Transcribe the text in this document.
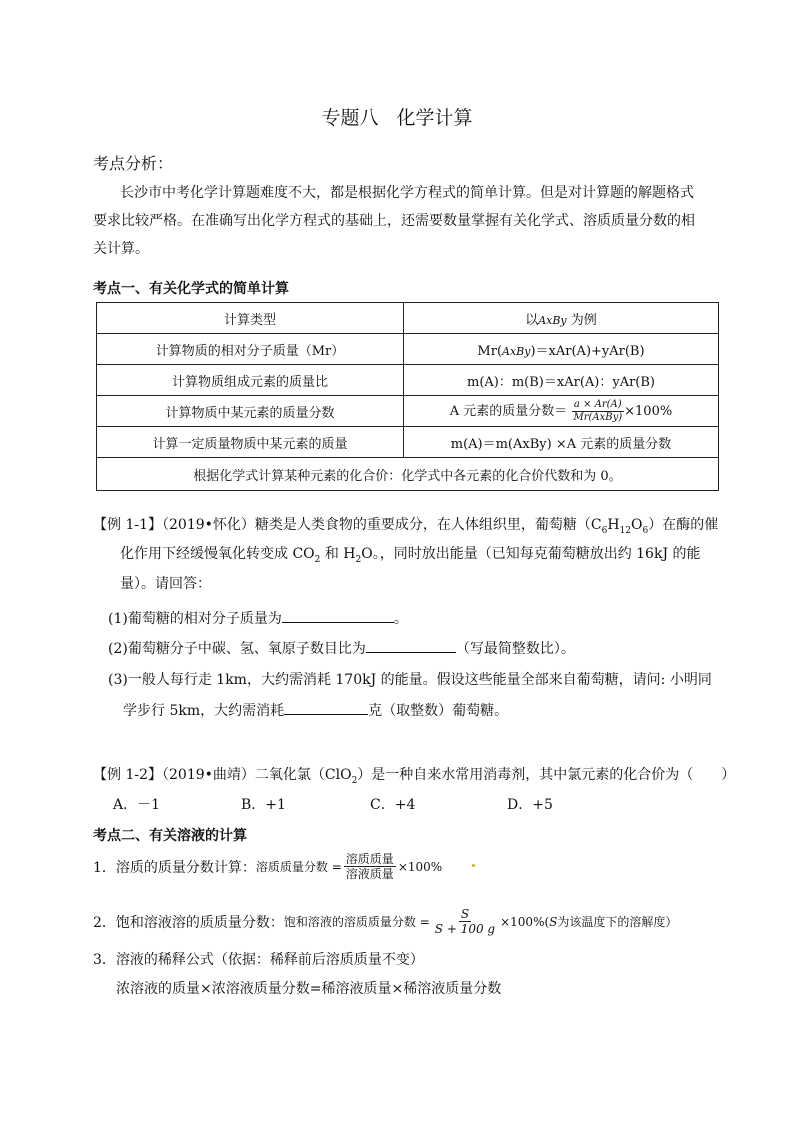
专题八 化学计算
考点分析：
长沙市中考化学计算题难度不大，都是根据化学方程式的简单计算。但是对计算题的解题格式
要求比较严格。在准确写出化学方程式的基础上，还需要数量掌握有关化学式、溶质质量分数的相
关计算。
考点一、有关化学式的简单计算
计算类型	以AxBy 为例
计算物质的相对分子质量（Mr）	Mr(AxBy)＝xAr(A)+yAr(B)
计算物质组成元素的质量比	m(A)：m(B)＝xAr(A)：yAr(B)
计算物质中某元素的质量分数	A 元素的质量分数＝ $\frac{a \times Ar(A)}{\text{Mr(AxBy)}} \times 100\%$
计算一定质量物质中某元素的质量	m(A)＝m(AxBy) ×A 元素的质量分数
根据化学式计算某种元素的化合价：化学式中各元素的化合价代数和为 0。	
【例 1-1】（2019•怀化）糖类是人类食物的重要成分，在人体组织里，葡萄糖$(C_6H_{12}O_6)$在酶的催
化作用下经缓慢氧化转变成 $CO_2$ 和 $H_2O$。，同时放出能量（已知每克葡萄糖放出约 16kJ 的能
量）。请回答：
(1)葡萄糖的相对分子质量为	。
(2)葡萄糖分子中碳、氢、氧原子数目比为	（写最简整数比）。
(3)一般人每行走 1km，大约需消耗 170kJ 的能量。假设这些能量全部来自葡萄糖，请问: 小明同
学步行 5km，大约需消耗	克（取整数）葡萄糖。
【例 1-2】（2019•曲靖）二氧化氯（ClO$_2$）是一种自来水常用消毒剂，其中氯元素的化合价为（　　）
A．－1	B．+1	C．+4	D．+5
考点二、有关溶液的计算
1．溶质的质量分数计算： 溶质质量分数 = $\frac{\text{溶质质量}}{\text{溶液质量}} \times 100\%$
2．饱和溶液溶的质质量分数： 饱和溶液的溶质质量分数 = $\frac{S}{S + 100 g} \times 100\%$( S 为该温度下的溶解度）
3．溶液的稀释公式（依据：稀释前后溶质质量不变）
浓溶液的质量×浓溶液质量分数=稀溶液质量×稀溶液质量分数
